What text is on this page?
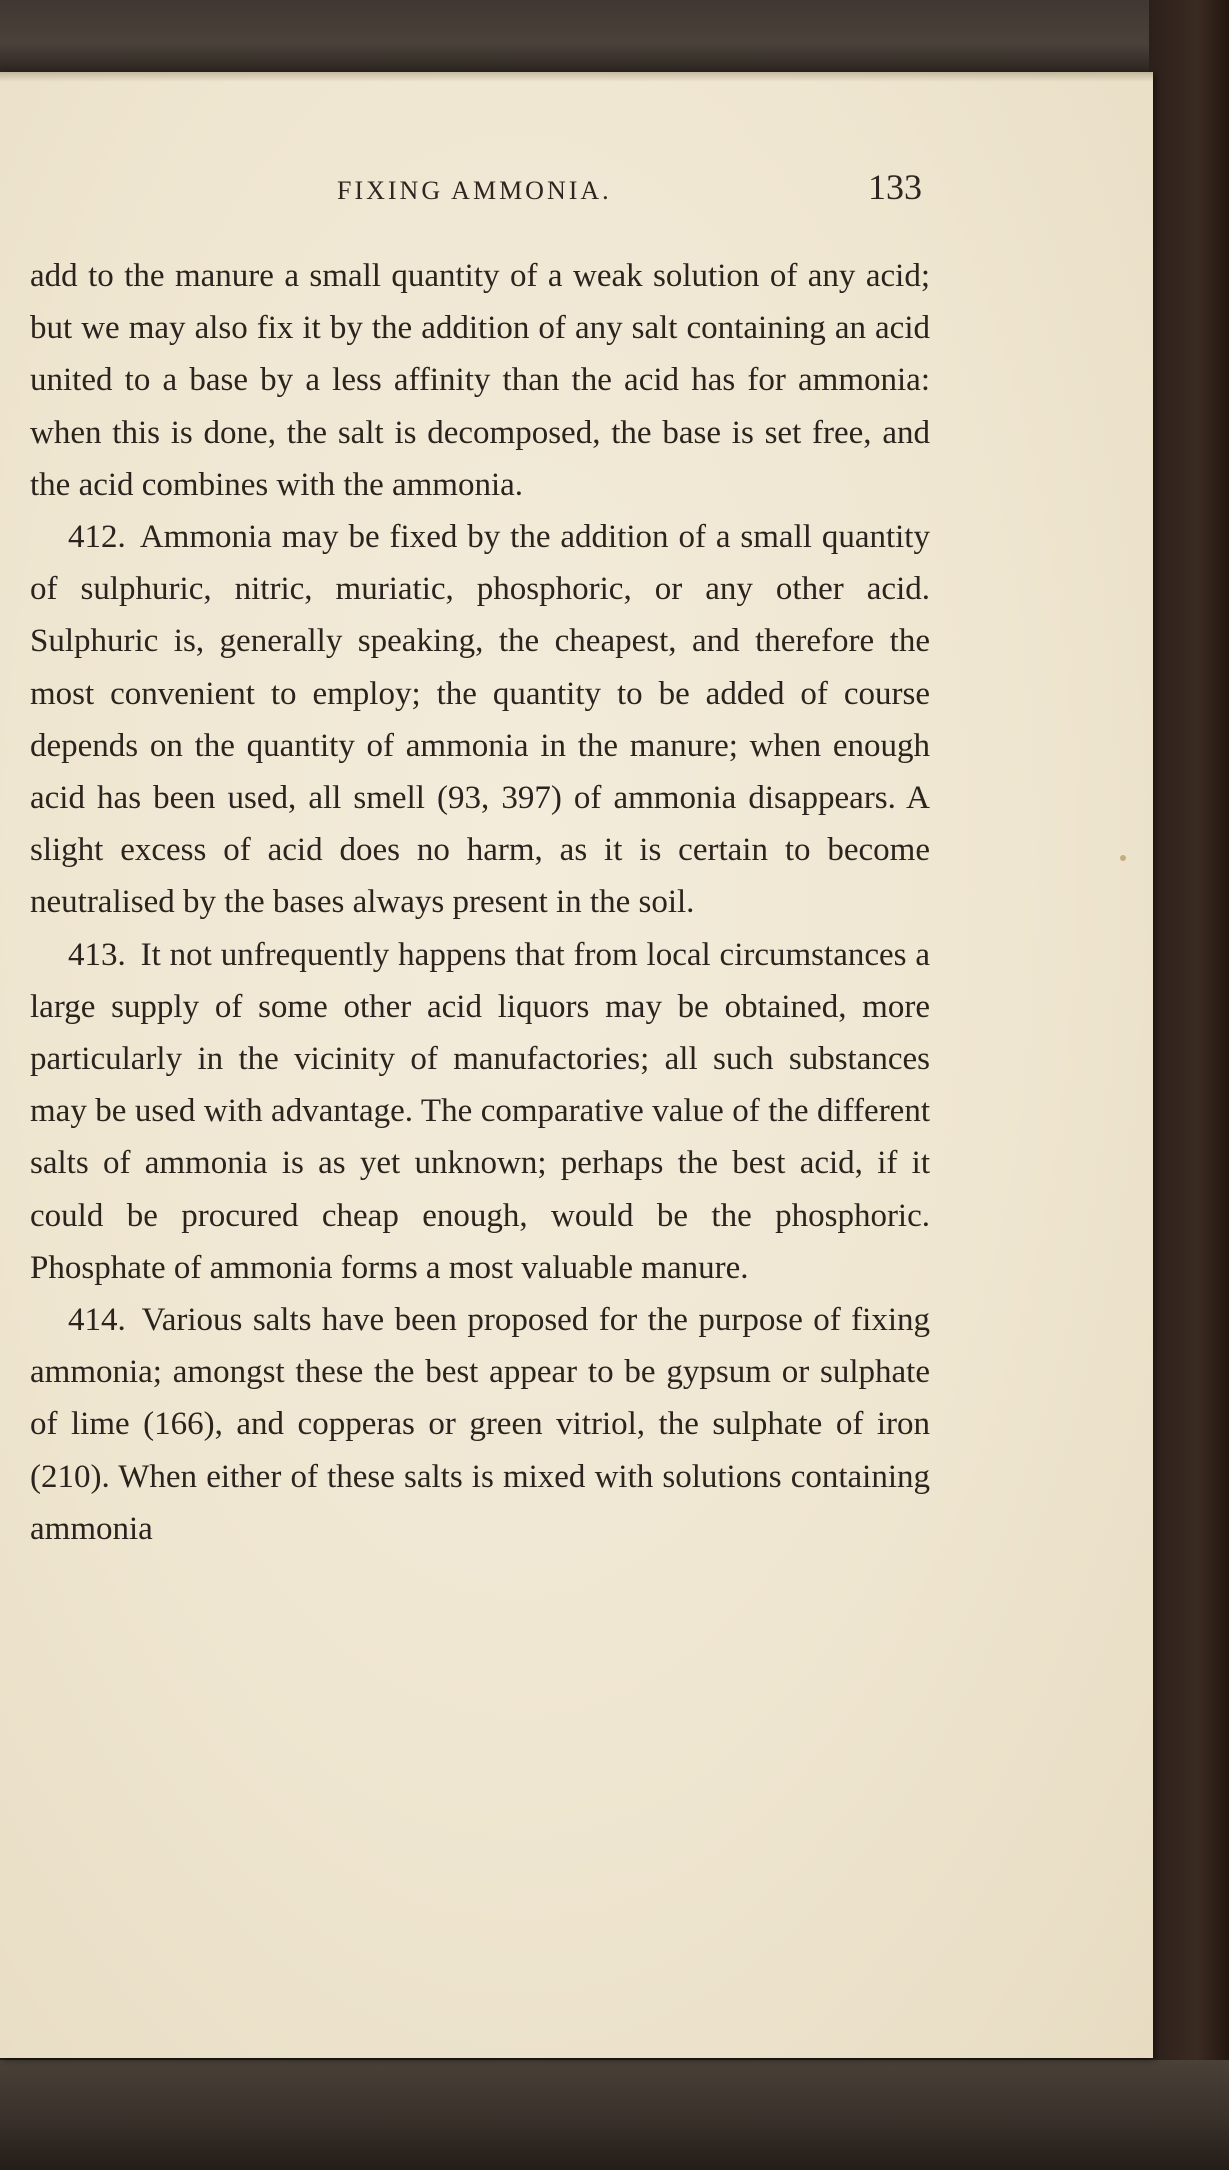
FIXING AMMONIA.	133

add to the manure a small quantity of a weak solution of any acid; but we may also fix it by the addition of any salt containing an acid united to a base by a less affinity than the acid has for ammonia: when this is done, the salt is decomposed, the base is set free, and the acid combines with the ammonia.

412. Ammonia may be fixed by the addition of a small quantity of sulphuric, nitric, muriatic, phosphoric, or any other acid. Sulphuric is, generally speaking, the cheapest, and therefore the most convenient to employ; the quantity to be added of course depends on the quantity of ammonia in the manure; when enough acid has been used, all smell (93, 397) of ammonia disappears. A slight excess of acid does no harm, as it is certain to become neutralised by the bases always present in the soil.

413. It not unfrequently happens that from local circumstances a large supply of some other acid liquors may be obtained, more particularly in the vicinity of manufactories; all such substances may be used with advantage. The comparative value of the different salts of ammonia is as yet unknown; perhaps the best acid, if it could be procured cheap enough, would be the phosphoric. Phosphate of ammonia forms a most valuable manure.

414. Various salts have been proposed for the purpose of fixing ammonia; amongst these the best appear to be gypsum or sulphate of lime (166), and copperas or green vitriol, the sulphate of iron (210). When either of these salts is mixed with solutions containing ammonia
